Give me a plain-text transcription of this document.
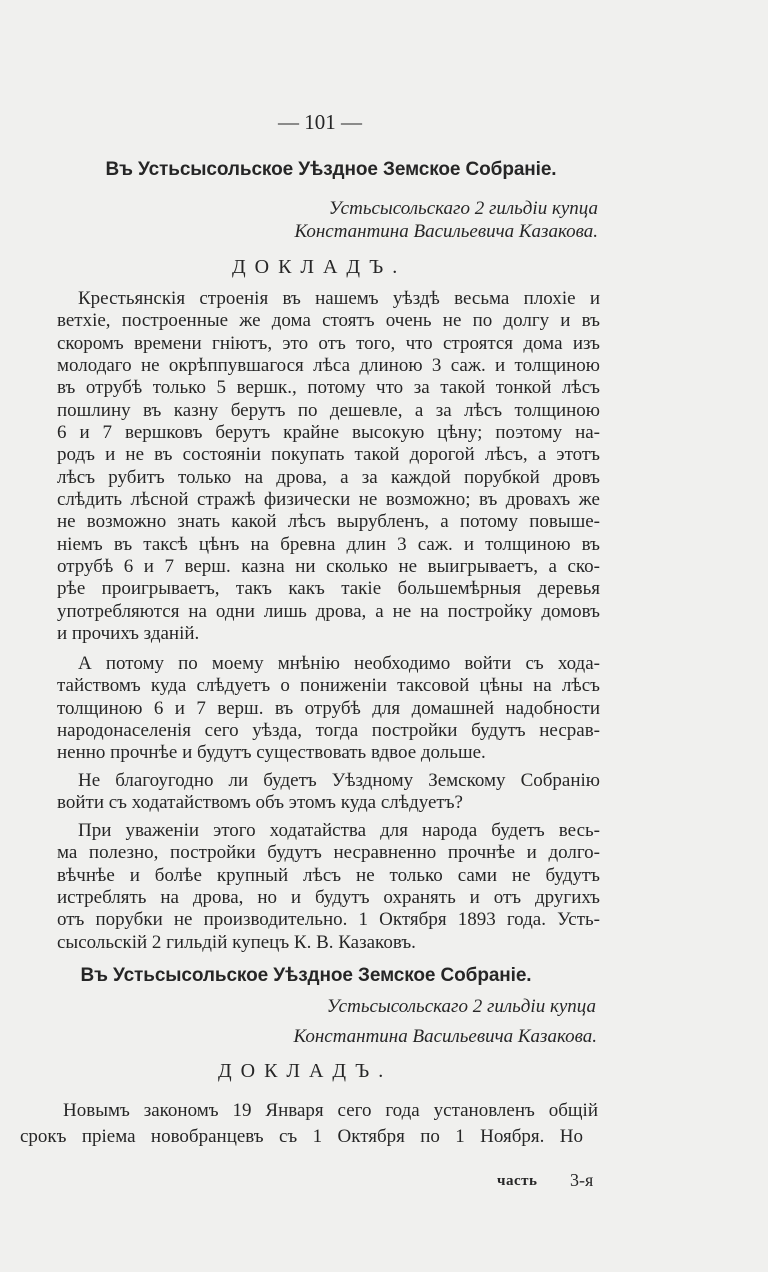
— 101 —
Въ Устьсысольское Уѣздное Земское Собраніе.
Устьсысольскаго 2 гильдіи купца
Константина Васильевича Казакова.
ДОКЛАДЪ.
Крестьянскія строенія въ нашемъ уѣздѣ весьма плохіе и
ветхіе, построенные же дома стоятъ очень не по долгу и въ
скоромъ времени гніютъ, это отъ того, что строятся дома изъ
молодаго не окрѣппувшагося лѣса длиною 3 саж. и толщиною
въ отрубѣ только 5 вершк., потому что за такой тонкой лѣсъ
пошлину въ казну берутъ по дешевле, а за лѣсъ толщиною
6 и 7 вершковъ берутъ крайне высокую цѣну; поэтому на-
родъ и не въ состояніи покупать такой дорогой лѣсъ, а этотъ
лѣсъ рубитъ только на дрова, а за каждой порубкой дровъ
слѣдить лѣсной стражѣ физически не возможно; въ дровахъ же
не возможно знать какой лѣсъ вырубленъ, а потому повыше-
ніемъ въ таксѣ цѣнъ на бревна длин 3 саж. и толщиною въ
отрубѣ 6 и 7 верш. казна ни сколько не выигрываетъ, а ско-
рѣе проигрываетъ, такъ какъ такіе большемѣрныя деревья
употребляются на одни лишь дрова, а не на постройку домовъ
и прочихъ зданій.
А потому по моему мнѣнію необходимо войти съ хода-
тайствомъ куда слѣдуетъ о пониженіи таксовой цѣны на лѣсъ
толщиною 6 и 7 верш. въ отрубѣ для домашней надобности
народонаселенія сего уѣзда, тогда постройки будутъ несрав-
ненно прочнѣе и будутъ существовать вдвое дольше.
Не благоугодно ли будетъ Уѣздному Земскому Собранію
войти съ ходатайствомъ объ этомъ куда слѣдуетъ?
При уваженіи этого ходатайства для народа будетъ весь-
ма полезно, постройки будутъ несравненно прочнѣе и долго-
вѣчнѣе и болѣе крупный лѣсъ не только сами не будутъ
истреблять на дрова, но и будутъ охранять и отъ другихъ
отъ порубки не производительно. 1 Октября 1893 года. Усть-
сысольскій 2 гильдій купецъ К. В. Казаковъ.
Въ Устьсысольское Уѣздное Земское Собраніе.
Устьсысольскаго 2 гильдіи купца
Константина Васильевича Казакова.
ДОКЛАДЪ.
Новымъ закономъ 19 Января сего года установленъ общій
срокъ пріема новобранцевъ съ 1 Октября по 1 Ноября. Но
часть 3-я
